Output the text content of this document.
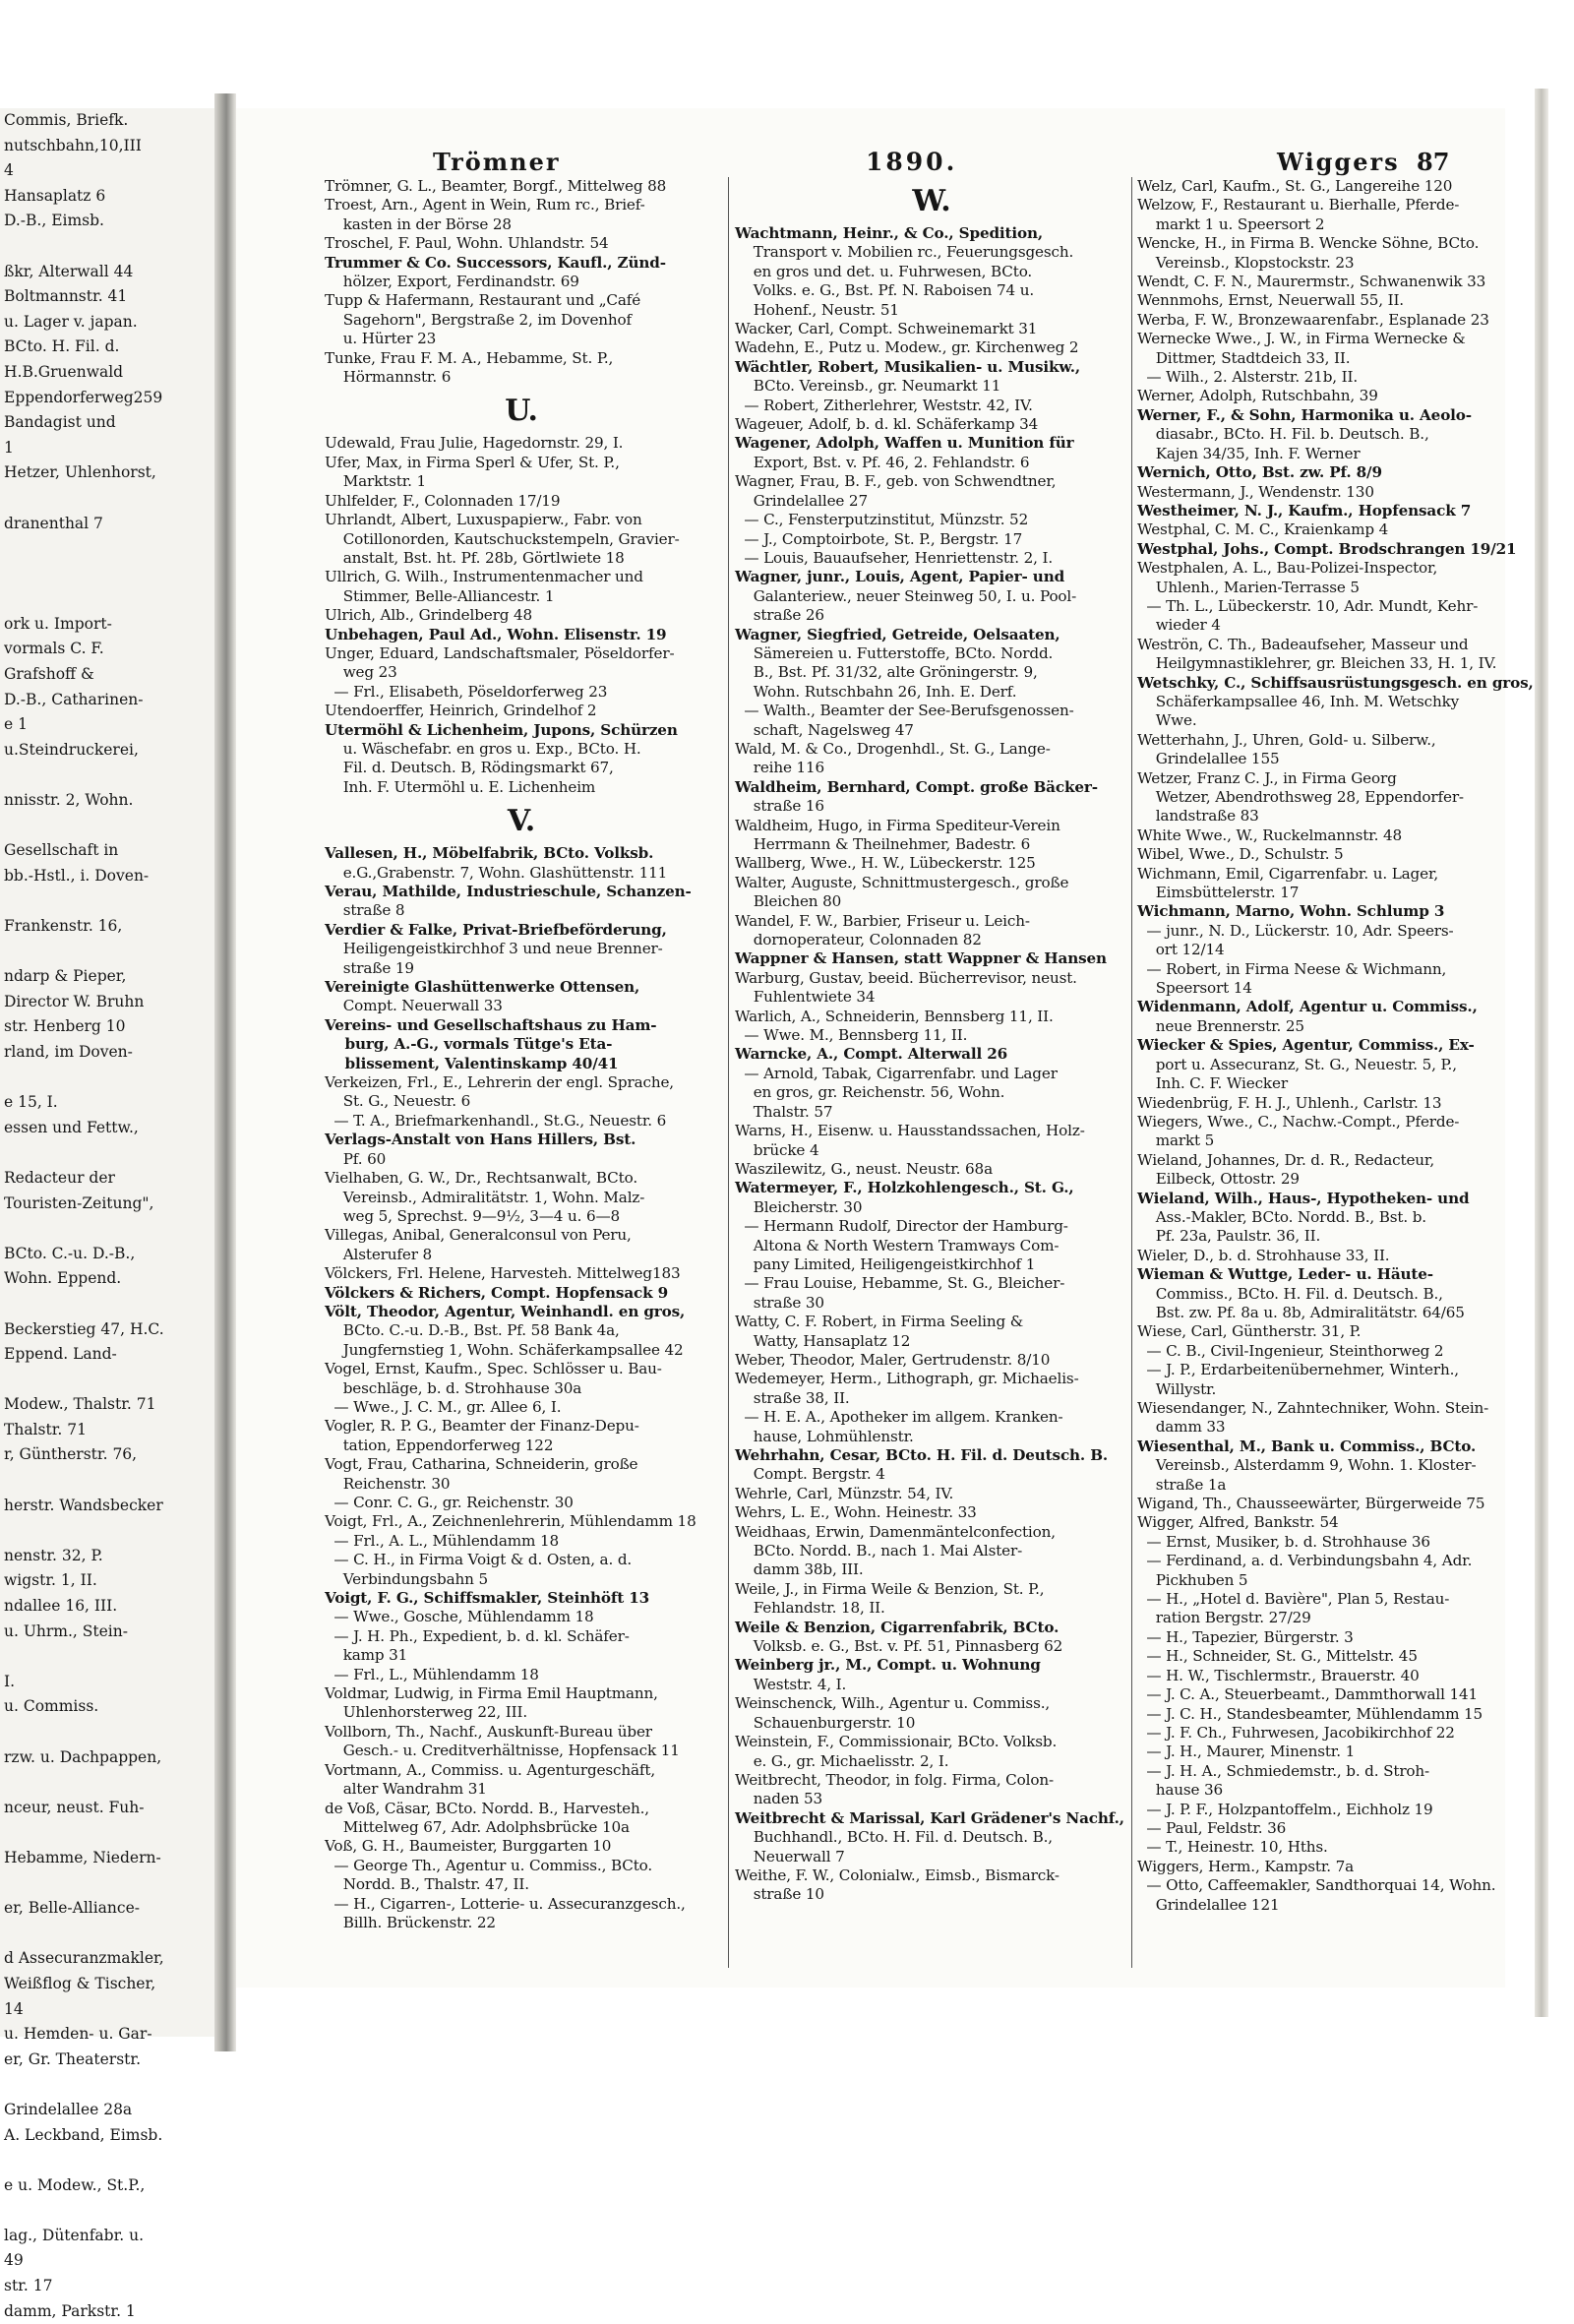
Commis, Briefk.
nutschbahn,10,III
4
Hansaplatz 6
D.-B., Eimsb.

ßkr, Alterwall 44
Boltmannstr. 41
u. Lager v. japan.
BCto. H. Fil. d.
H.B.Gruenwald
Eppendorferweg259
Bandagist und
1
Hetzer, Uhlenhorst,

dranenthal 7

ork u. Import-
vormals C. F.
Grafshoff &
D.-B., Catharinen-
e 1
u.Steindruckerei,

nnisstr. 2, Wohn.

Gesellschaft in
bb.-Hstl., i. Doven-

Frankenstr. 16,

ndarp & Pieper,
Director W. Bruhn
str. Henberg 10
rland, im Doven-

e 15, I.
essen und Fettw.,

Redacteur der
Touristen-Zeitung",

BCto. C.-u. D.-B.,
Wohn. Eppend.

Beckerstieg 47, H.C.
Eppend. Land-

Modew., Thalstr. 71
Thalstr. 71
r, Güntherstr. 76,

herstr. Wandsbecker

nenstr. 32, P.
wigstr. 1, II.
ndallee 16, III.
u. Uhrm., Stein-

I.
u. Commiss.

rzw. u. Dachpappen,

nceur, neust. Fuh-

Hebamme, Niedern-

er, Belle-Alliance-

d Assecuranzmakler,
Weißflog & Tischer,
14
u. Hemden- u. Gar-
er, Gr. Theaterstr.

Grindelallee 28a
A. Leckband, Eimsb.

e u. Modew., St.P.,

lag., Dütenfabr. u.
49
str. 17
damm, Parkstr. 1
Trömner	1890.	Wiggers 87
Trömner, G. L., Beamter, Borgf., Mittelweg 88
Troest, Arn., Agent in Wein, Rum rc., Brief-
kasten in der Börse 28
Troschel, F. Paul, Wohn. Uhlandstr. 54
Trummer & Co. Successors, Kaufl., Zünd-
hölzer, Export, Ferdinandstr. 69
Tupp & Hafermann, Restaurant und „Café
Sagehorn", Bergstraße 2, im Dovenhof
u. Hürter 23
Tunke, Frau F. M. A., Hebamme, St. P.,
Hörmannstr. 6
U.
Udewald, Frau Julie, Hagedornstr. 29, I.
Ufer, Max, in Firma Sperl & Ufer, St. P.,
Marktstr. 1
Uhlfelder, F., Colonnaden 17/19
Uhrlandt, Albert, Luxuspapierw., Fabr. von
Cotillonorden, Kautschuckstempeln, Gravier-
anstalt, Bst. ht. Pf. 28b, Görtlwiete 18
Ullrich, G. Wilh., Instrumentenmacher und
Stimmer, Belle-Alliancestr. 1
Ulrich, Alb., Grindelberg 48
Unbehagen, Paul Ad., Wohn. Elisenstr. 19
Unger, Eduard, Landschaftsmaler, Pöseldorfer-
weg 23
— Frl., Elisabeth, Pöseldorferweg 23
Utendoerffer, Heinrich, Grindelhof 2
Utermöhl & Lichenheim, Jupons, Schürzen
u. Wäschefabr. en gros u. Exp., BCto. H.
Fil. d. Deutsch. B, Rödingsmarkt 67,
Inh. F. Utermöhl u. E. Lichenheim
V.
Vallesen, H., Möbelfabrik, BCto. Volksb.
e.G.,Grabenstr. 7, Wohn. Glashüttenstr. 111
Verau, Mathilde, Industrieschule, Schanzen-
straße 8
Verdier & Falke, Privat-Briefbeförderung,
Heiligengeistkirchhof 3 und neue Brenner-
straße 19
Vereinigte Glashüttenwerke Ottensen,
Compt. Neuerwall 33
Vereins- und Gesellschaftshaus zu Ham-
burg, A.-G., vormals Tütge's Eta-
blissement, Valentinskamp 40/41
Verkeizen, Frl., E., Lehrerin der engl. Sprache,
St. G., Neuestr. 6
— T. A., Briefmarkenhandl., St.G., Neuestr. 6
Verlags-Anstalt von Hans Hillers, Bst.
Pf. 60
Vielhaben, G. W., Dr., Rechtsanwalt, BCto.
Vereinsb., Admiralitätstr. 1, Wohn. Malz-
weg 5, Sprechst. 9—9½, 3—4 u. 6—8
Villegas, Anibal, Generalconsul von Peru,
Alsterufer 8
Völckers, Frl. Helene, Harvesteh. Mittelweg183
Völckers & Richers, Compt. Hopfensack 9
Völt, Theodor, Agentur, Weinhandl. en gros,
BCto. C.-u. D.-B., Bst. Pf. 58 Bank 4a,
Jungfernstieg 1, Wohn. Schäferkampsallee 42
Vogel, Ernst, Kaufm., Spec. Schlösser u. Bau-
beschläge, b. d. Strohhause 30a
— Wwe., J. C. M., gr. Allee 6, I.
Vogler, R. P. G., Beamter der Finanz-Depu-
tation, Eppendorferweg 122
Vogt, Frau, Catharina, Schneiderin, große
Reichenstr. 30
— Conr. C. G., gr. Reichenstr. 30
Voigt, Frl., A., Zeichnenlehrerin, Mühlendamm 18
— Frl., A. L., Mühlendamm 18
— C. H., in Firma Voigt & d. Osten, a. d.
Verbindungsbahn 5
Voigt, F. G., Schiffsmakler, Steinhöft 13
— Wwe., Gosche, Mühlendamm 18
— J. H. Ph., Expedient, b. d. kl. Schäfer-
kamp 31
— Frl., L., Mühlendamm 18
Voldmar, Ludwig, in Firma Emil Hauptmann,
Uhlenhorsterweg 22, III.
Vollborn, Th., Nachf., Auskunft-Bureau über
Gesch.- u. Creditverhältnisse, Hopfensack 11
Vortmann, A., Commiss. u. Agenturgeschäft,
alter Wandrahm 31
de Voß, Cäsar, BCto. Nordd. B., Harvesteh.,
Mittelweg 67, Adr. Adolphsbrücke 10a
Voß, G. H., Baumeister, Burggarten 10
— George Th., Agentur u. Commiss., BCto.
Nordd. B., Thalstr. 47, II.
— H., Cigarren-, Lotterie- u. Assecuranzgesch.,
Billh. Brückenstr. 22
W.
Wachtmann, Heinr., & Co., Spedition,
Transport v. Mobilien rc., Feuerungsgesch.
en gros und det. u. Fuhrwesen, BCto.
Volks. e. G., Bst. Pf. N. Raboisen 74 u.
Hohenf., Neustr. 51
Wacker, Carl, Compt. Schweinemarkt 31
Wadehn, E., Putz u. Modew., gr. Kirchenweg 2
Wächtler, Robert, Musikalien- u. Musikw.,
BCto. Vereinsb., gr. Neumarkt 11
— Robert, Zitherlehrer, Weststr. 42, IV.
Wageuer, Adolf, b. d. kl. Schäferkamp 34
Wagener, Adolph, Waffen u. Munition für
Export, Bst. v. Pf. 46, 2. Fehlandstr. 6
Wagner, Frau, B. F., geb. von Schwendtner,
Grindelallee 27
— C., Fensterputzinstitut, Münzstr. 52
— J., Comptoirbote, St. P., Bergstr. 17
— Louis, Bauaufseher, Henriettenstr. 2, I.
Wagner, junr., Louis, Agent, Papier- und
Galanteriew., neuer Steinweg 50, I. u. Pool-
straße 26
Wagner, Siegfried, Getreide, Oelsaaten,
Sämereien u. Futterstoffe, BCto. Nordd.
B., Bst. Pf. 31/32, alte Gröningerstr. 9,
Wohn. Rutschbahn 26, Inh. E. Derf.
— Walth., Beamter der See-Berufsgenossen-
schaft, Nagelsweg 47
Wald, M. & Co., Drogenhdl., St. G., Lange-
reihe 116
Waldheim, Bernhard, Compt. große Bäcker-
straße 16
Waldheim, Hugo, in Firma Spediteur-Verein
Herrmann & Theilnehmer, Badestr. 6
Wallberg, Wwe., H. W., Lübeckerstr. 125
Walter, Auguste, Schnittmustergesch., große
Bleichen 80
Wandel, F. W., Barbier, Friseur u. Leich-
dornoperateur, Colonnaden 82
Wappner & Hansen, statt Wappner & Hansen
Warburg, Gustav, beeid. Bücherrevisor, neust.
Fuhlentwiete 34
Warlich, A., Schneiderin, Bennsberg 11, II.
— Wwe. M., Bennsberg 11, II.
Warncke, A., Compt. Alterwall 26
— Arnold, Tabak, Cigarrenfabr. und Lager
en gros, gr. Reichenstr. 56, Wohn.
Thalstr. 57
Warns, H., Eisenw. u. Hausstandssachen, Holz-
brücke 4
Waszilewitz, G., neust. Neustr. 68a
Watermeyer, F., Holzkohlengesch., St. G.,
Bleicherstr. 30
— Hermann Rudolf, Director der Hamburg-
Altona & North Western Tramways Com-
pany Limited, Heiligengeistkirchhof 1
— Frau Louise, Hebamme, St. G., Bleicher-
straße 30
Watty, C. F. Robert, in Firma Seeling &
Watty, Hansaplatz 12
Weber, Theodor, Maler, Gertrudenstr. 8/10
Wedemeyer, Herm., Lithograph, gr. Michaelis-
straße 38, II.
— H. E. A., Apotheker im allgem. Kranken-
hause, Lohmühlenstr.
Wehrhahn, Cesar, BCto. H. Fil. d. Deutsch. B.
Compt. Bergstr. 4
Wehrle, Carl, Münzstr. 54, IV.
Wehrs, L. E., Wohn. Heinestr. 33
Weidhaas, Erwin, Damenmäntelconfection,
BCto. Nordd. B., nach 1. Mai Alster-
damm 38b, III.
Weile, J., in Firma Weile & Benzion, St. P.,
Fehlandstr. 18, II.
Weile & Benzion, Cigarrenfabrik, BCto.
Volksb. e. G., Bst. v. Pf. 51, Pinnasberg 62
Weinberg jr., M., Compt. u. Wohnung
Weststr. 4, I.
Weinschenck, Wilh., Agentur u. Commiss.,
Schauenburgerstr. 10
Weinstein, F., Commissionair, BCto. Volksb.
e. G., gr. Michaelisstr. 2, I.
Weitbrecht, Theodor, in folg. Firma, Colon-
naden 53
Weitbrecht & Marissal, Karl Grädener's Nachf.,
Buchhandl., BCto. H. Fil. d. Deutsch. B.,
Neuerwall 7
Weithe, F. W., Colonialw., Eimsb., Bismarck-
straße 10
Welz, Carl, Kaufm., St. G., Langereihe 120
Welzow, F., Restaurant u. Bierhalle, Pferde-
markt 1 u. Speersort 2
Wencke, H., in Firma B. Wencke Söhne, BCto.
Vereinsb., Klopstockstr. 23
Wendt, C. F. N., Maurermstr., Schwanenwik 33
Wennmohs, Ernst, Neuerwall 55, II.
Werba, F. W., Bronzewaarenfabr., Esplanade 23
Wernecke Wwe., J. W., in Firma Wernecke &
Dittmer, Stadtdeich 33, II.
— Wilh., 2. Alsterstr. 21b, II.
Werner, Adolph, Rutschbahn, 39
Werner, F., & Sohn, Harmonika u. Aeolo-
diasabr., BCto. H. Fil. b. Deutsch. B.,
Kajen 34/35, Inh. F. Werner
Wernich, Otto, Bst. zw. Pf. 8/9
Westermann, J., Wendenstr. 130
Westheimer, N. J., Kaufm., Hopfensack 7
Westphal, C. M. C., Kraienkamp 4
Westphal, Johs., Compt. Brodschrangen 19/21
Westphalen, A. L., Bau-Polizei-Inspector,
Uhlenh., Marien-Terrasse 5
— Th. L., Lübeckerstr. 10, Adr. Mundt, Kehr-
wieder 4
Weströn, C. Th., Badeaufseher, Masseur und
Heilgymnastiklehrer, gr. Bleichen 33, H. 1, IV.
Wetschky, C., Schiffsausrüstungsgesch. en gros,
Schäferkampsallee 46, Inh. M. Wetschky
Wwe.
Wetterhahn, J., Uhren, Gold- u. Silberw.,
Grindelallee 155
Wetzer, Franz C. J., in Firma Georg
Wetzer, Abendrothsweg 28, Eppendorfer-
landstraße 83
White Wwe., W., Ruckelmannstr. 48
Wibel, Wwe., D., Schulstr. 5
Wichmann, Emil, Cigarrenfabr. u. Lager,
Eimsbüttelerstr. 17
Wichmann, Marno, Wohn. Schlump 3
— junr., N. D., Lückerstr. 10, Adr. Speers-
ort 12/14
— Robert, in Firma Neese & Wichmann,
Speersort 14
Widenmann, Adolf, Agentur u. Commiss.,
neue Brennerstr. 25
Wiecker & Spies, Agentur, Commiss., Ex-
port u. Assecuranz, St. G., Neuestr. 5, P.,
Inh. C. F. Wiecker
Wiedenbrüg, F. H. J., Uhlenh., Carlstr. 13
Wiegers, Wwe., C., Nachw.-Compt., Pferde-
markt 5
Wieland, Johannes, Dr. d. R., Redacteur,
Eilbeck, Ottostr. 29
Wieland, Wilh., Haus-, Hypotheken- und
Ass.-Makler, BCto. Nordd. B., Bst. b.
Pf. 23a, Paulstr. 36, II.
Wieler, D., b. d. Strohhause 33, II.
Wieman & Wuttge, Leder- u. Häute-
Commiss., BCto. H. Fil. d. Deutsch. B.,
Bst. zw. Pf. 8a u. 8b, Admiralitätstr. 64/65
Wiese, Carl, Güntherstr. 31, P.
— C. B., Civil-Ingenieur, Steinthorweg 2
— J. P., Erdarbeitenübernehmer, Winterh.,
Willystr.
Wiesendanger, N., Zahntechniker, Wohn. Stein-
damm 33
Wiesenthal, M., Bank u. Commiss., BCto.
Vereinsb., Alsterdamm 9, Wohn. 1. Kloster-
straße 1a
Wigand, Th., Chausseewärter, Bürgerweide 75
Wigger, Alfred, Bankstr. 54
— Ernst, Musiker, b. d. Strohhause 36
— Ferdinand, a. d. Verbindungsbahn 4, Adr.
Pickhuben 5
— H., „Hotel d. Bavière", Plan 5, Restau-
ration Bergstr. 27/29
— H., Tapezier, Bürgerstr. 3
— H., Schneider, St. G., Mittelstr. 45
— H. W., Tischlermstr., Brauerstr. 40
— J. C. A., Steuerbeamt., Dammthorwall 141
— J. C. H., Standesbeamter, Mühlendamm 15
— J. F. Ch., Fuhrwesen, Jacobikirchhof 22
— J. H., Maurer, Minenstr. 1
— J. H. A., Schmiedemstr., b. d. Stroh-
hause 36
— J. P. F., Holzpantoffelm., Eichholz 19
— Paul, Feldstr. 36
— T., Heinestr. 10, Hths.
Wiggers, Herm., Kampstr. 7a
— Otto, Caffeemakler, Sandthorquai 14, Wohn.
Grindelallee 121
